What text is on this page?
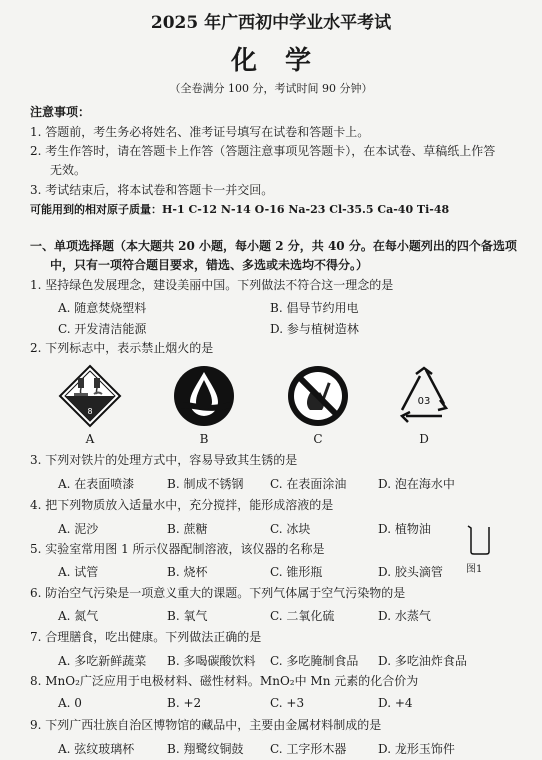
2025 年广西初中学业水平考试
化学
（全卷满分 100 分，考试时间 90 分钟）
注意事项：
1. 答题前，考生务必将姓名、准考证号填写在试卷和答题卡上。
2. 考生作答时，请在答题卡上作答（答题注意事项见答题卡），在本试卷、草稿纸上作答
无效。
3. 考试结束后，将本试卷和答题卡一并交回。
可能用到的相对原子质量：H-1 C-12 N-14 O-16 Na-23 Cl-35.5 Ca-40 Ti-48
一、单项选择题（本大题共 20 小题，每小题 2 分，共 40 分。在每小题列出的四个备选项
中，只有一项符合题目要求，错选、多选或未选均不得分。）
1. 坚持绿色发展理念，建设美丽中国。下列做法不符合这一理念的是
A. 随意焚烧塑料	B. 倡导节约用电
C. 开发清洁能源	D. 参与植树造林
2. 下列标志中，表示禁止烟火的是
8
03
A	B	C	D
3. 下列对铁片的处理方式中，容易导致其生锈的是
A. 在表面喷漆	B. 制成不锈钢 C. 在表面涂油	D. 泡在海水中
4. 把下列物质放入适量水中，充分搅拌，能形成溶液的是
A. 泥沙	B. 蔗糖	C. 冰块	D. 植物油
5. 实验室常用图 1 所示仪器配制溶液，该仪器的名称是
A. 试管	B. 烧杯	C. 锥形瓶	D. 胶头滴管 图1
6. 防治空气污染是一项意义重大的课题。下列气体属于空气污染物的是
A. 氮气	B. 氧气	C. 二氧化硫	D. 水蒸气
7. 合理膳食，吃出健康。下列做法正确的是
A. 多吃新鲜蔬菜 B. 多喝碳酸饮料 C. 多吃腌制食品 D. 多吃油炸食品
8. MnO₂广泛应用于电极材料、磁性材料。MnO₂中 Mn 元素的化合价为
A. 0	B. +2	C. +3	D. +4
9. 下列广西壮族自治区博物馆的藏品中，主要由金属材料制成的是
A. 弦纹玻璃杯	B. 翔鹭纹铜鼓 C. 工字形木器	D. 龙形玉饰件
